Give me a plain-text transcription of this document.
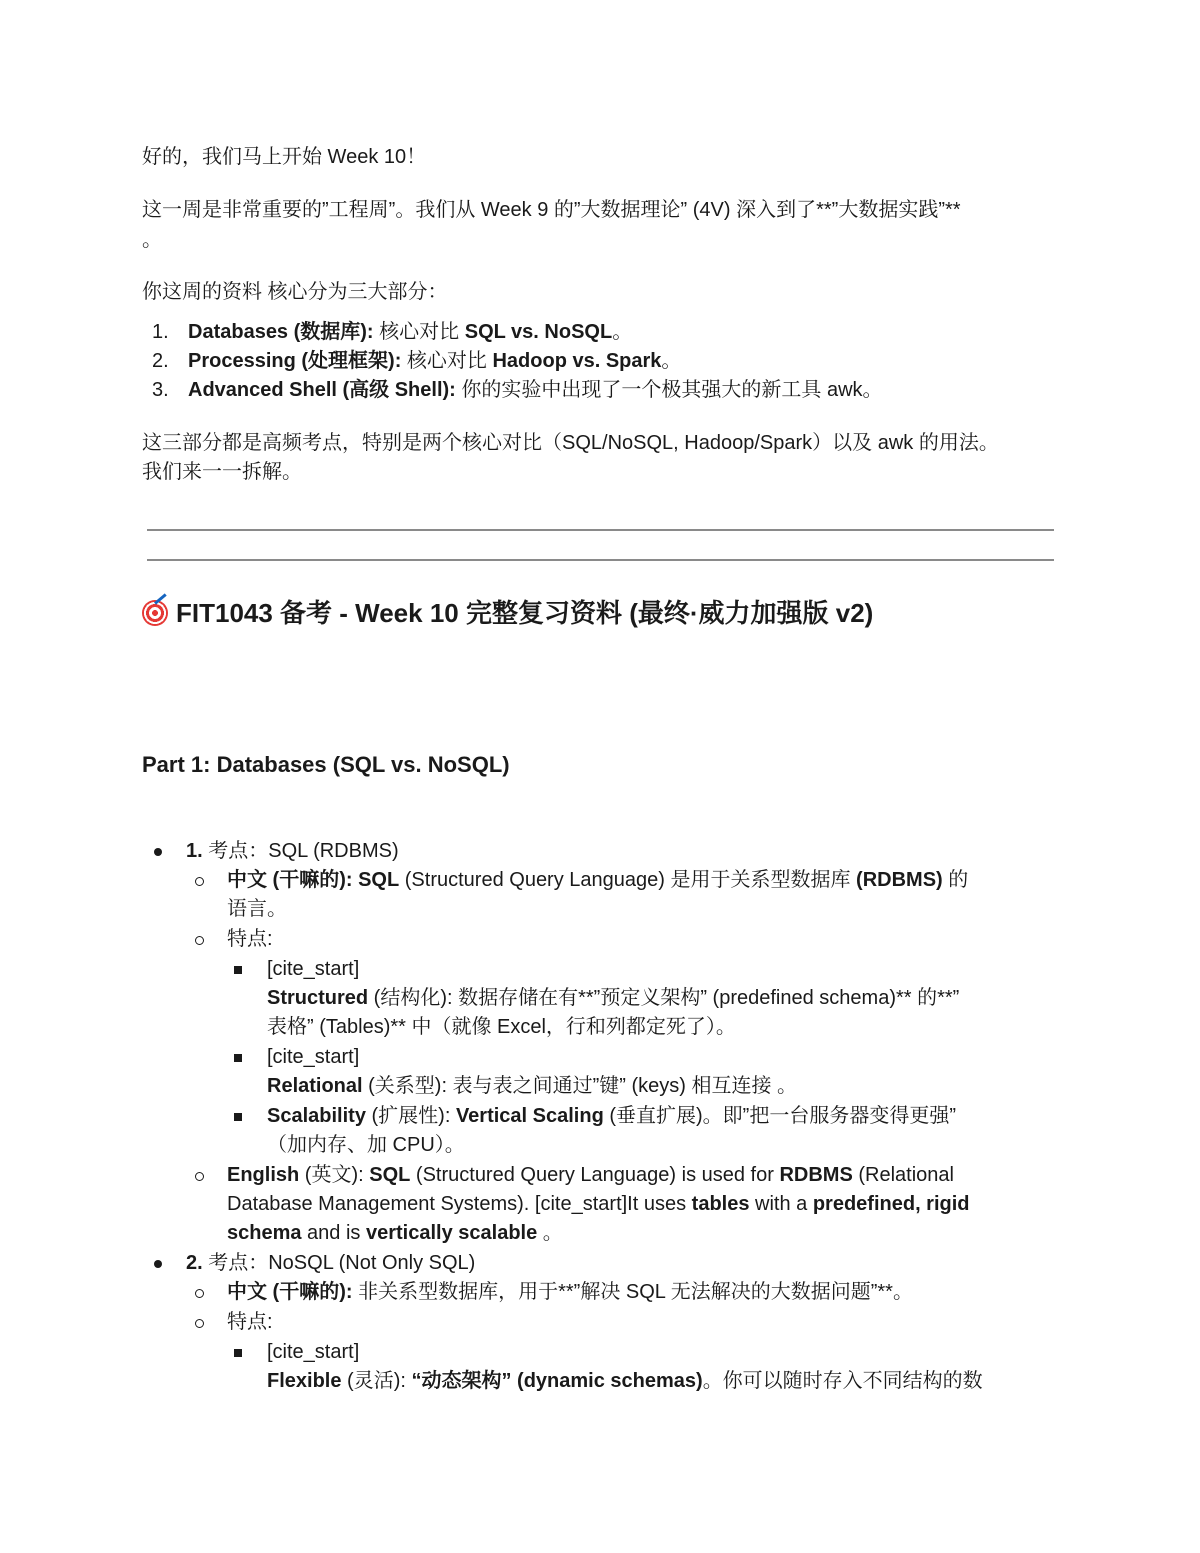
好的，我们马上开始 Week 10！
这一周是非常重要的”工程周”。我们从 Week 9 的”大数据理论” (4V) 深入到了**”大数据实践”**
。
你这周的资料 核心分为三大部分：
1. Databases (数据库): 核心对比 SQL vs. NoSQL。
2. Processing (处理框架): 核心对比 Hadoop vs. Spark。
3. Advanced Shell (高级 Shell): 你的实验中出现了一个极其强大的新工具 awk。
这三部分都是高频考点，特别是两个核心对比（SQL/NoSQL, Hadoop/Spark）以及 awk 的用法。
我们来一一拆解。
FIT1043 备考 - Week 10 完整复习资料 (最终·威力加强版 v2)
Part 1: Databases (SQL vs. NoSQL)
1. 考点：SQL (RDBMS)
中文 (干嘛的): SQL (Structured Query Language) 是用于关系型数据库 (RDBMS) 的
语言。
特点:
[cite_start]
Structured (结构化): 数据存储在有**”预定义架构” (predefined schema)** 的**”
表格” (Tables)** 中（就像 Excel，行和列都定死了）。
[cite_start]
Relational (关系型): 表与表之间通过”键” (keys) 相互连接 。
Scalability (扩展性): Vertical Scaling (垂直扩展)。即”把一台服务器变得更强”
（加内存、加 CPU）。
English (英文): SQL (Structured Query Language) is used for RDBMS (Relational
Database Management Systems). [cite_start]It uses tables with a predefined, rigid
schema and is vertically scalable 。
2. 考点：NoSQL (Not Only SQL)
中文 (干嘛的): 非关系型数据库，用于**”解决 SQL 无法解决的大数据问题”**。
特点:
[cite_start]
Flexible (灵活): “动态架构” (dynamic schemas)。你可以随时存入不同结构的数
